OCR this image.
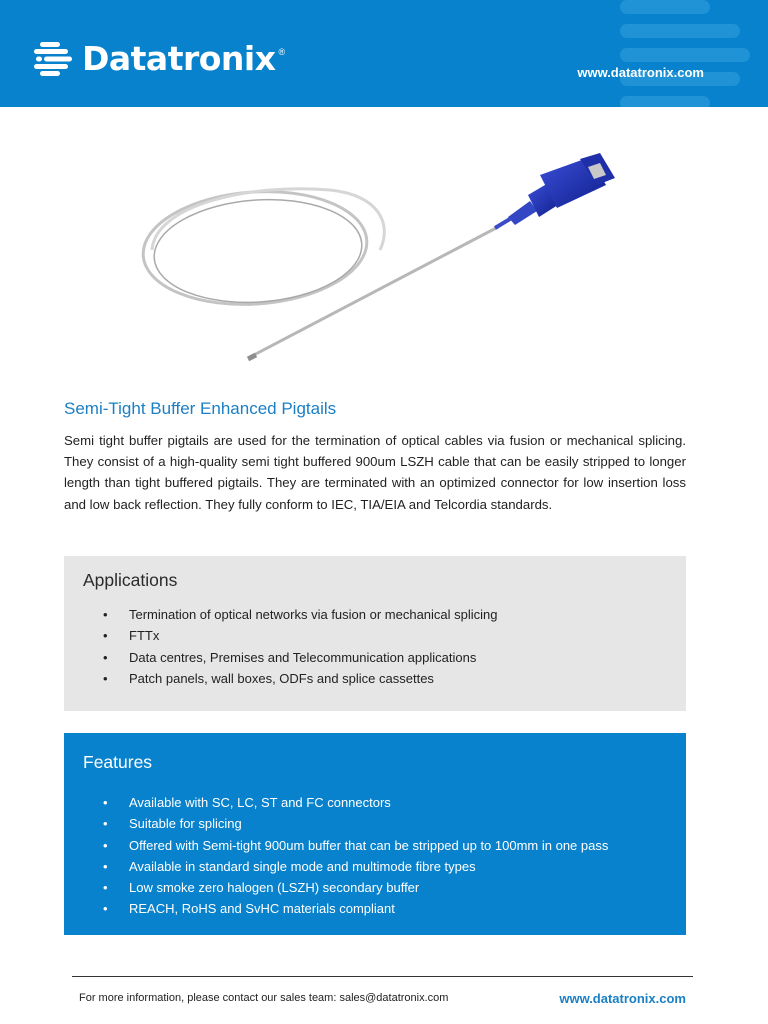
Datatronix ®
www.datatronix.com
Semi-Tight Buffer Enhanced Pigtails

Semi tight buffer pigtails are used for the termination of optical cables via fusion or mechanical splicing. They consist of a high-quality semi tight buffered 900um LSZH cable that can be easily stripped to longer length than tight buffered pigtails. They are terminated with an optimized connector for low insertion loss and low back reflection. They fully conform to IEC, TIA/EIA and Telcordia standards.

Applications
• Termination of optical networks via fusion or mechanical splicing
• FTTx
• Data centres, Premises and Telecommunication applications
• Patch panels, wall boxes, ODFs and splice cassettes
Features
• Available with SC, LC, ST and FC connectors
• Suitable for splicing
• Offered with Semi-tight 900um buffer that can be stripped up to 100mm in one pass
• Available in standard single mode and multimode fibre types
• Low smoke zero halogen (LSZH) secondary buffer
• REACH, RoHS and SvHC materials compliant
For more information, please contact our sales team: sales@datatronix.com	www.datatronix.com
